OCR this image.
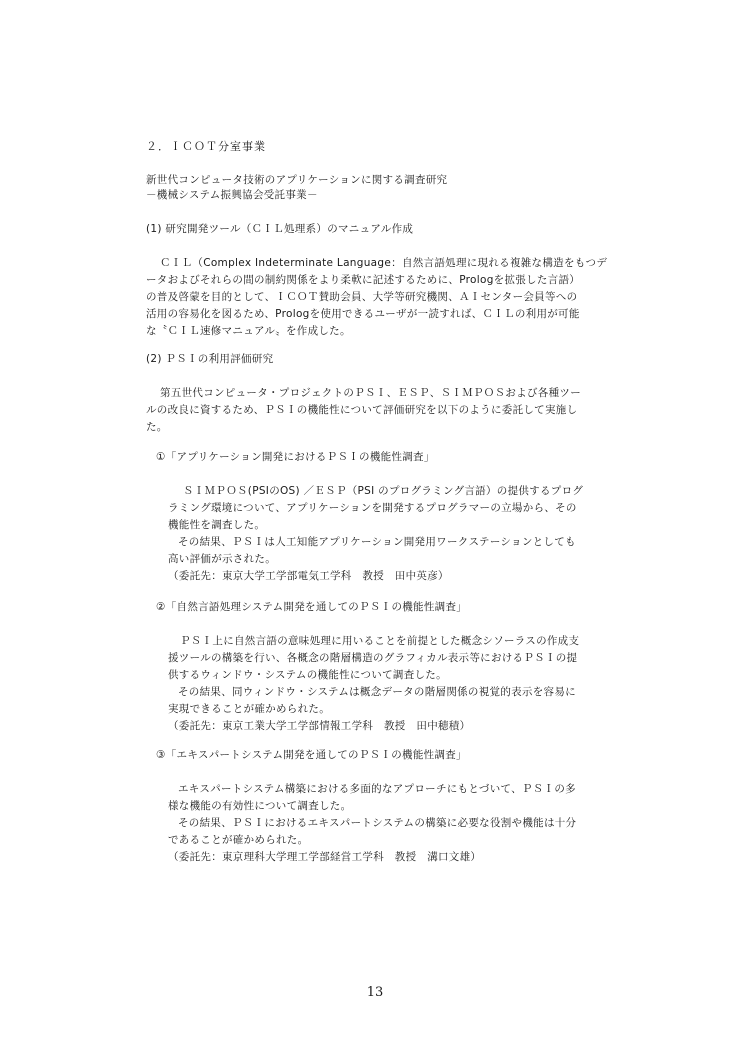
２．ＩＣＯＴ分室事業
新世代コンピュータ技術のアプリケーションに関する調査研究
－機械システム振興協会受託事業－
(1) 研究開発ツール（ＣＩＬ処理系）のマニュアル作成
ＣＩＬ（Complex Indeterminate Language：自然言語処理に現れる複雑な構造をもつデ
ータおよびそれらの間の制約関係をより柔軟に記述するために、Prologを拡張した言語）
の普及啓蒙を目的として、ＩＣＯＴ賛助会員、大学等研究機関、ＡＩセンター会員等への
活用の容易化を図るため、Prologを使用できるユーザが一読すれば、ＣＩＬの利用が可能
な〝ＣＩＬ速修マニュアル〟を作成した。
(2) ＰＳＩの利用評価研究
第五世代コンピュータ・プロジェクトのＰＳＩ、ＥＳＰ、ＳＩＭＰＯＳおよび各種ツー
ルの改良に資するため、ＰＳＩの機能性について評価研究を以下のように委託して実施し
た。
①「アプリケーション開発におけるＰＳＩの機能性調査」
ＳＩＭＰＯＳ(PSIのOS) ／ＥＳＰ（PSI のプログラミング言語）の提供するプログ
ラミング環境について、アプリケーションを開発するプログラマーの立場から、その
機能性を調査した。
その結果、ＰＳＩは人工知能アプリケーション開発用ワークステーションとしても
高い評価が示された。
（委託先：東京大学工学部電気工学科　教授　田中英彦）
②「自然言語処理システム開発を通してのＰＳＩの機能性調査」
ＰＳＩ上に自然言語の意味処理に用いることを前提とした概念シソーラスの作成支
援ツールの構築を行い、各概念の階層構造のグラフィカル表示等におけるＰＳＩの提
供するウィンドウ・システムの機能性について調査した。
その結果、同ウィンドウ・システムは概念データの階層関係の視覚的表示を容易に
実現できることが確かめられた。
（委託先：東京工業大学工学部情報工学科　教授　田中穂積）
③「エキスパートシステム開発を通してのＰＳＩの機能性調査」
エキスパートシステム構築における多面的なアプローチにもとづいて、ＰＳＩの多
様な機能の有効性について調査した。
その結果、ＰＳＩにおけるエキスパートシステムの構築に必要な役割や機能は十分
であることが確かめられた。
（委託先：東京理科大学理工学部経営工学科　教授　溝口文雄）
13
